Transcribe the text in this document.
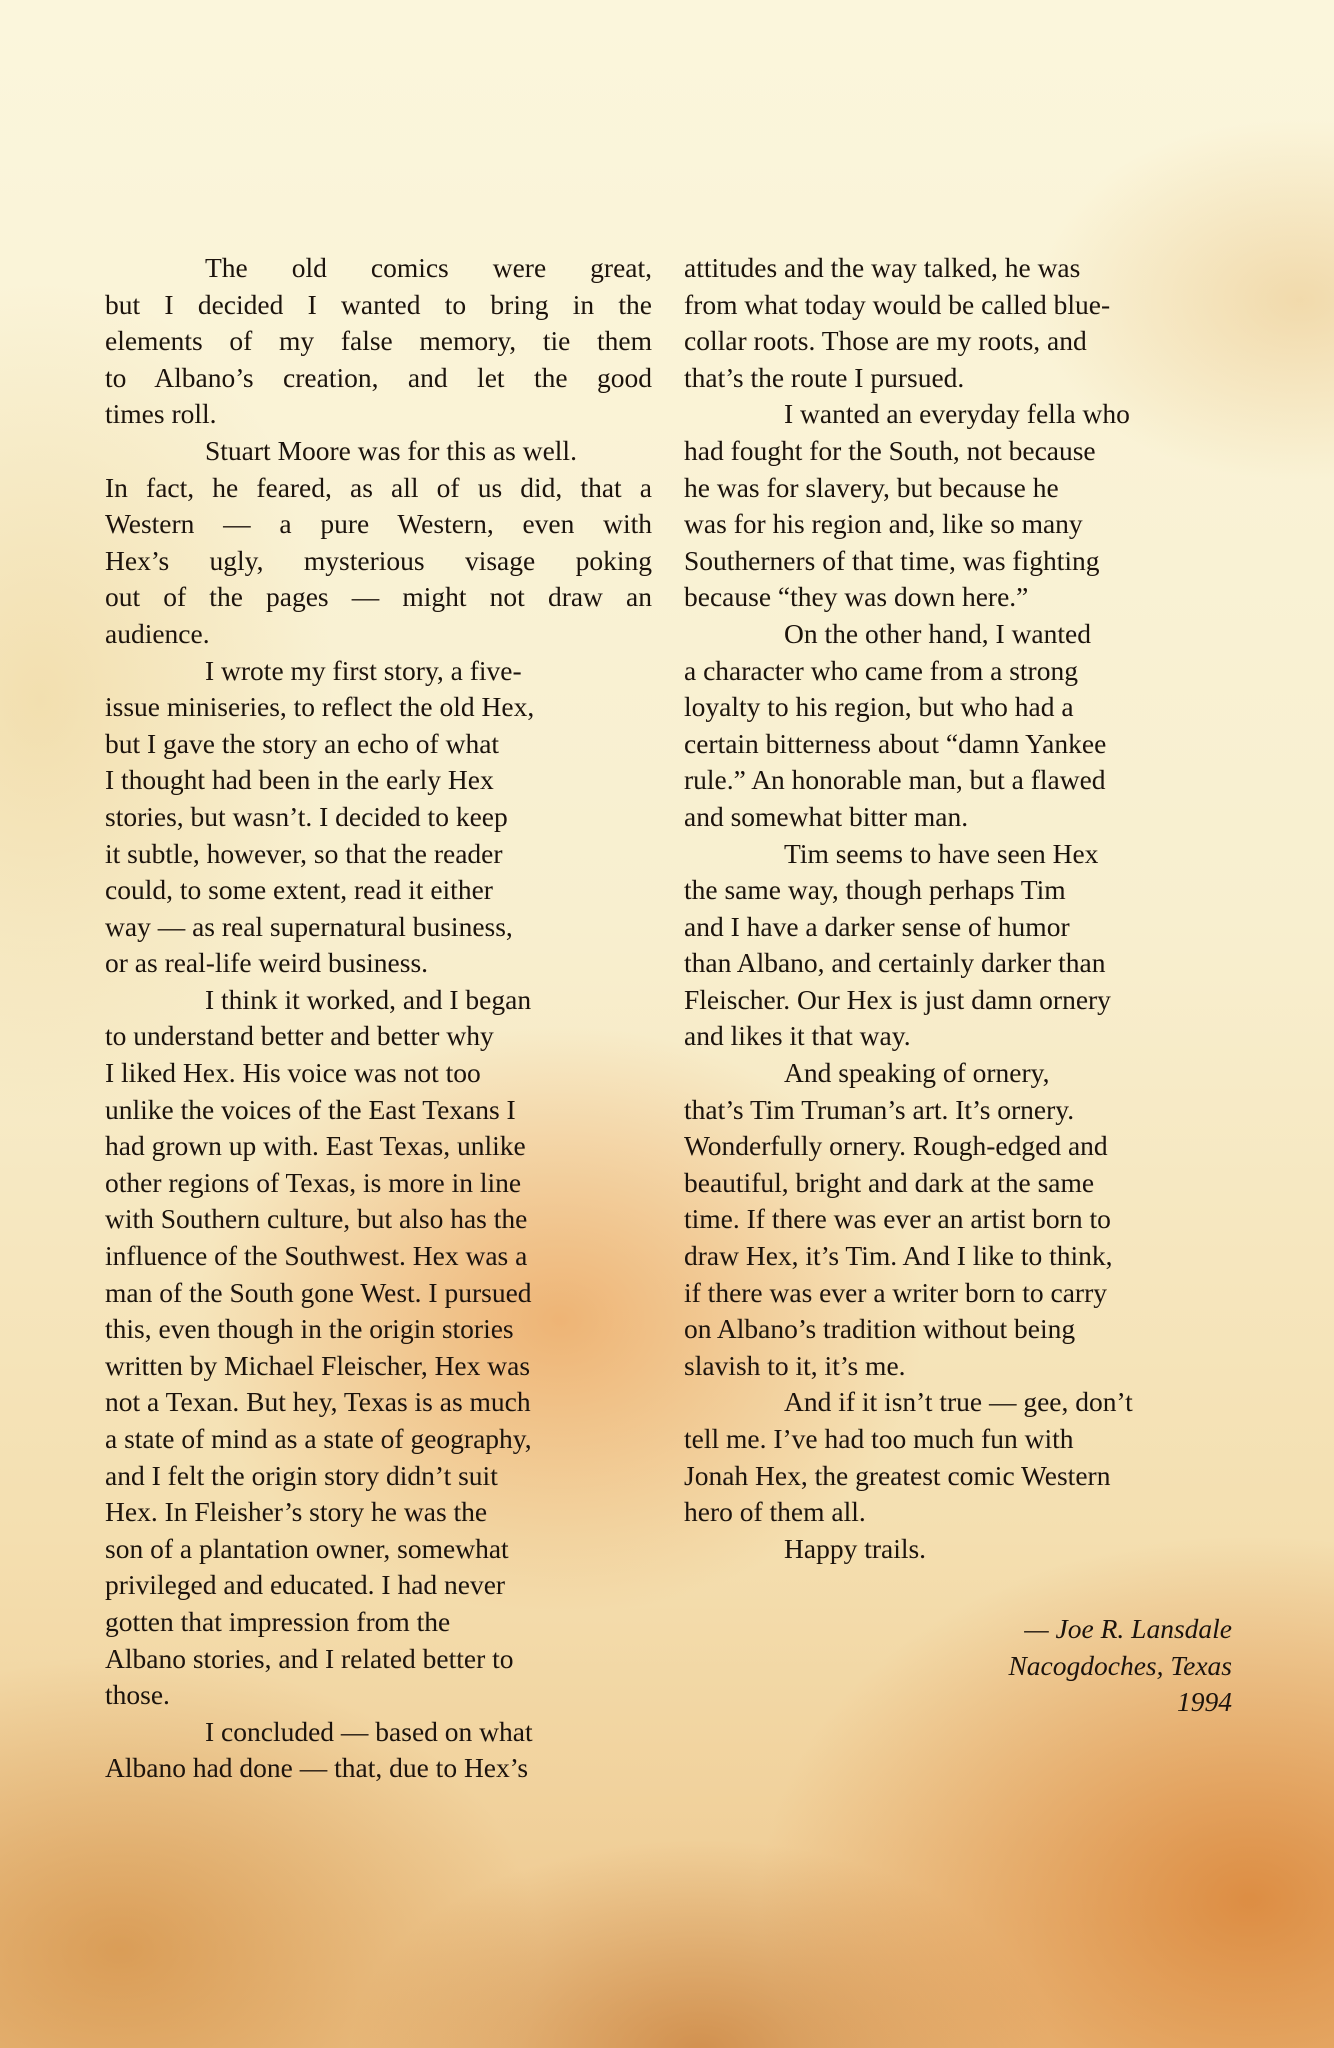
The old comics were great,
but I decided I wanted to bring in the
elements of my false memory, tie them
to Albano’s creation, and let the good
times roll.
Stuart Moore was for this as well.
In fact, he feared, as all of us did, that a
Western — a pure Western, even with
Hex’s ugly, mysterious visage poking
out of the pages — might not draw an
audience.
I wrote my first story, a five-
issue miniseries, to reflect the old Hex,
but I gave the story an echo of what
I thought had been in the early Hex
stories, but wasn’t. I decided to keep
it subtle, however, so that the reader
could, to some extent, read it either
way — as real supernatural business,
or as real-life weird business.
I think it worked, and I began
to understand better and better why
I liked Hex. His voice was not too
unlike the voices of the East Texans I
had grown up with. East Texas, unlike
other regions of Texas, is more in line
with Southern culture, but also has the
influence of the Southwest. Hex was a
man of the South gone West. I pursued
this, even though in the origin stories
written by Michael Fleischer, Hex was
not a Texan. But hey, Texas is as much
a state of mind as a state of geography,
and I felt the origin story didn’t suit
Hex. In Fleisher’s story he was the
son of a plantation owner, somewhat
privileged and educated. I had never
gotten that impression from the
Albano stories, and I related better to
those.
I concluded — based on what
Albano had done — that, due to Hex’s
attitudes and the way talked, he was
from what today would be called blue-
collar roots. Those are my roots, and
that’s the route I pursued.
I wanted an everyday fella who
had fought for the South, not because
he was for slavery, but because he
was for his region and, like so many
Southerners of that time, was fighting
because “they was down here.”
On the other hand, I wanted
a character who came from a strong
loyalty to his region, but who had a
certain bitterness about “damn Yankee
rule.” An honorable man, but a flawed
and somewhat bitter man.
Tim seems to have seen Hex
the same way, though perhaps Tim
and I have a darker sense of humor
than Albano, and certainly darker than
Fleischer. Our Hex is just damn ornery
and likes it that way.
And speaking of ornery,
that’s Tim Truman’s art. It’s ornery.
Wonderfully ornery. Rough-edged and
beautiful, bright and dark at the same
time. If there was ever an artist born to
draw Hex, it’s Tim. And I like to think,
if there was ever a writer born to carry
on Albano’s tradition without being
slavish to it, it’s me.
And if it isn’t true — gee, don’t
tell me. I’ve had too much fun with
Jonah Hex, the greatest comic Western
hero of them all.
Happy trails.
— Joe R. Lansdale
Nacogdoches, Texas
1994
